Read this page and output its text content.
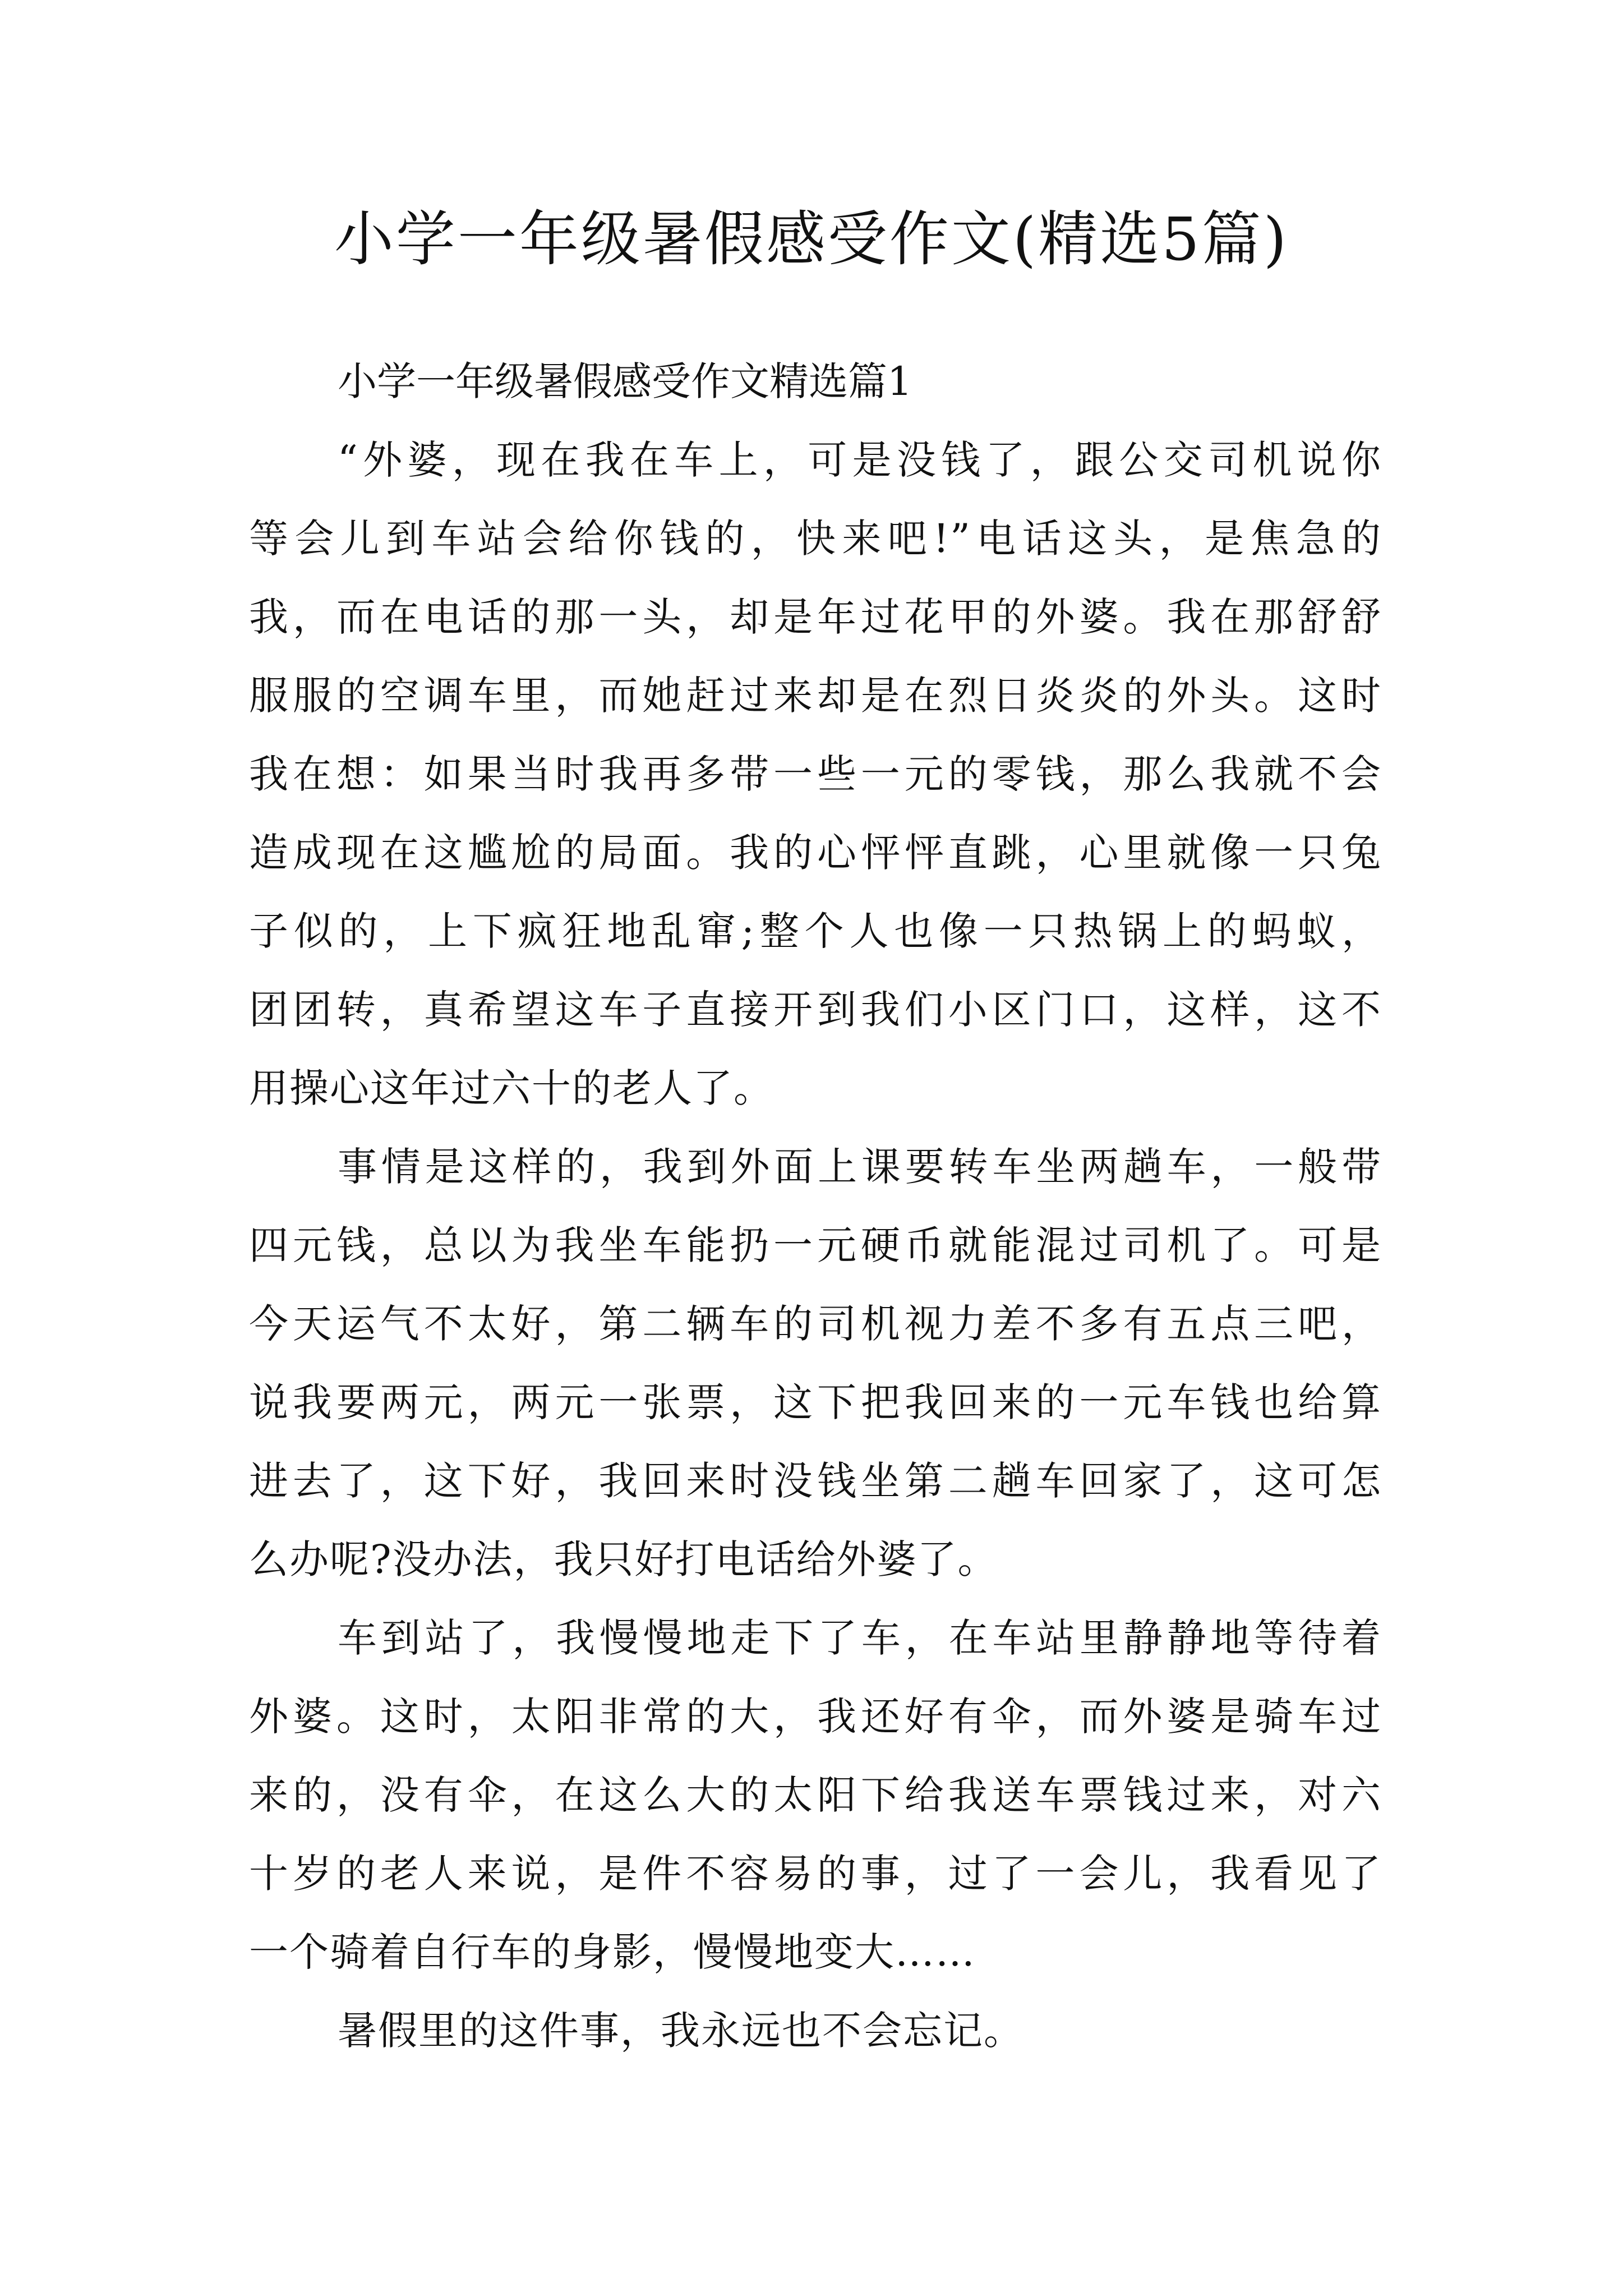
小学一年级暑假感受作文(精选5篇)

小学一年级暑假感受作文精选篇1

“外婆，现在我在车上，可是没钱了，跟公交司机说你
等会儿到车站会给你钱的，快来吧!”电话这头，是焦急的
我，而在电话的那一头，却是年过花甲的外婆。我在那舒舒
服服的空调车里，而她赶过来却是在烈日炎炎的外头。这时
我在想：如果当时我再多带一些一元的零钱，那么我就不会
造成现在这尴尬的局面。我的心怦怦直跳，心里就像一只兔
子似的，上下疯狂地乱窜;整个人也像一只热锅上的蚂蚁，
团团转，真希望这车子直接开到我们小区门口，这样，这不
用操心这年过六十的老人了。
事情是这样的，我到外面上课要转车坐两趟车，一般带
四元钱，总以为我坐车能扔一元硬币就能混过司机了。可是
今天运气不太好，第二辆车的司机视力差不多有五点三吧，
说我要两元，两元一张票，这下把我回来的一元车钱也给算
进去了，这下好，我回来时没钱坐第二趟车回家了，这可怎
么办呢?没办法，我只好打电话给外婆了。
车到站了，我慢慢地走下了车，在车站里静静地等待着
外婆。这时，太阳非常的大，我还好有伞，而外婆是骑车过
来的，没有伞，在这么大的太阳下给我送车票钱过来，对六
十岁的老人来说，是件不容易的事，过了一会儿，我看见了
一个骑着自行车的身影，慢慢地变大……
暑假里的这件事，我永远也不会忘记。
